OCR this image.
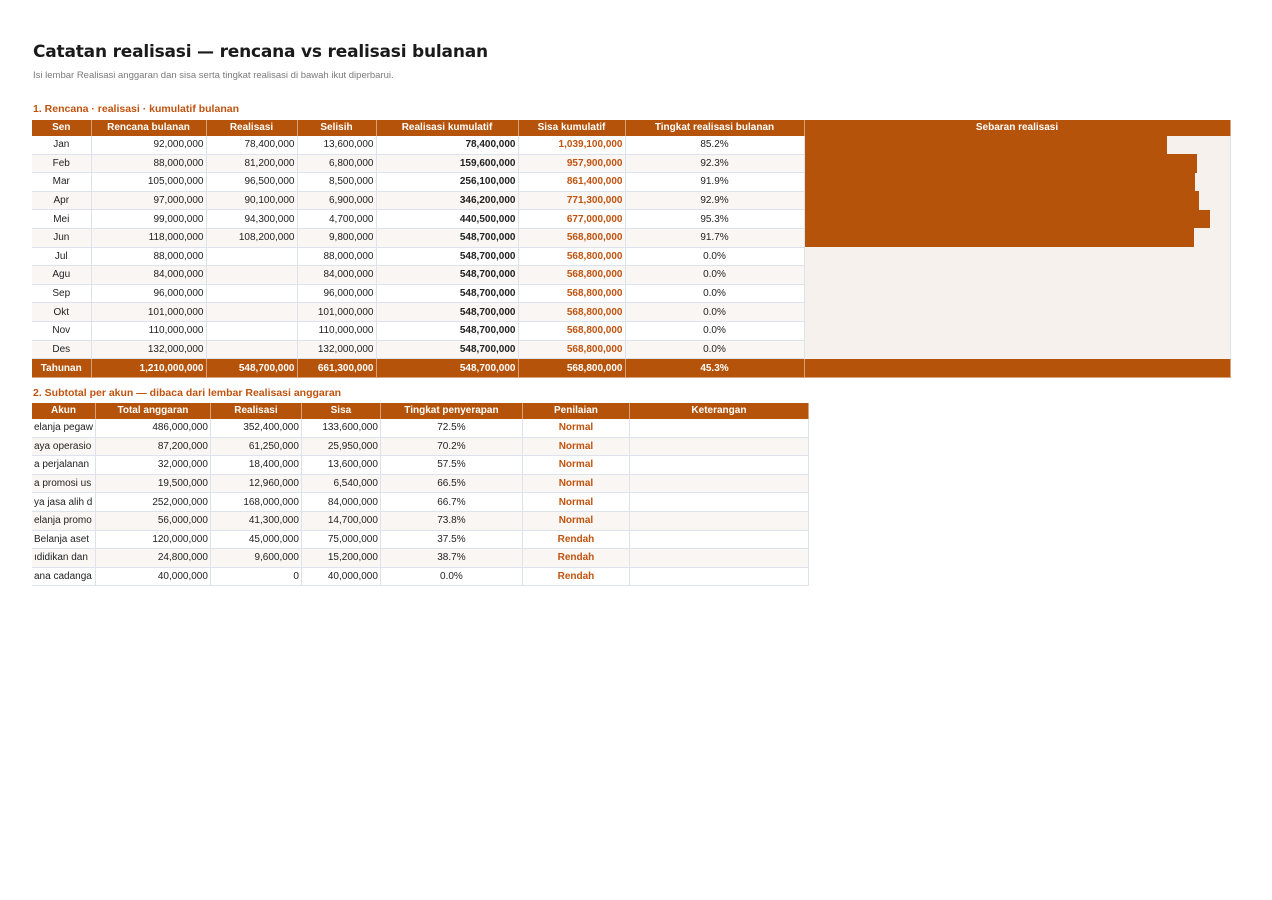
Catatan realisasi — rencana vs realisasi bulanan
Isi lembar Realisasi anggaran dan sisa serta tingkat realisasi di bawah ikut diperbarui.
1. Rencana · realisasi · kumulatif bulanan
Sen	Rencana bulanan	Realisasi	Selisih	Realisasi kumulatif	Sisa kumulatif	Tingkat realisasi bulanan	Sebaran realisasi
Jan	92,000,000	78,400,000	13,600,000	78,400,000	1,039,100,000	85.2%	

Feb	88,000,000	81,200,000	6,800,000	159,600,000	957,900,000	92.3%	
Mar	105,000,000	96,500,000	8,500,000	256,100,000	861,400,000	91.9%	
Apr	97,000,000	90,100,000	6,900,000	346,200,000	771,300,000	92.9%	
Mei	99,000,000	94,300,000	4,700,000	440,500,000	677,000,000	95.3%	
Jun	118,000,000	108,200,000	9,800,000	548,700,000	568,800,000	91.7%	
Jul	88,000,000		88,000,000	548,700,000	568,800,000	0.0%	
Agu	84,000,000		84,000,000	548,700,000	568,800,000	0.0%	
Sep	96,000,000		96,000,000	548,700,000	568,800,000	0.0%	
Okt	101,000,000		101,000,000	548,700,000	568,800,000	0.0%	
Nov	110,000,000		110,000,000	548,700,000	568,800,000	0.0%	
Des	132,000,000		132,000,000	548,700,000	568,800,000	0.0%	
Tahunan	1,210,000,000	548,700,000	661,300,000	548,700,000	568,800,000	45.3%	
2. Subtotal per akun — dibaca dari lembar Realisasi anggaran
Akun	Total anggaran	Realisasi	Sisa	Tingkat penyerapan	Penilaian	Keterangan
elanja pegaw	486,000,000	352,400,000	133,600,000	72.5%	Normal	
aya operasio	87,200,000	61,250,000	25,950,000	70.2%	Normal	
a perjalanan	32,000,000	18,400,000	13,600,000	57.5%	Normal	
a promosi us	19,500,000	12,960,000	6,540,000	66.5%	Normal	
ya jasa alih d	252,000,000	168,000,000	84,000,000	66.7%	Normal	
elanja promo	56,000,000	41,300,000	14,700,000	73.8%	Normal	
Belanja aset	120,000,000	45,000,000	75,000,000	37.5%	Rendah	
ıdidikan dan	24,800,000	9,600,000	15,200,000	38.7%	Rendah	
ana cadanga	40,000,000	0	40,000,000	0.0%	Rendah	
